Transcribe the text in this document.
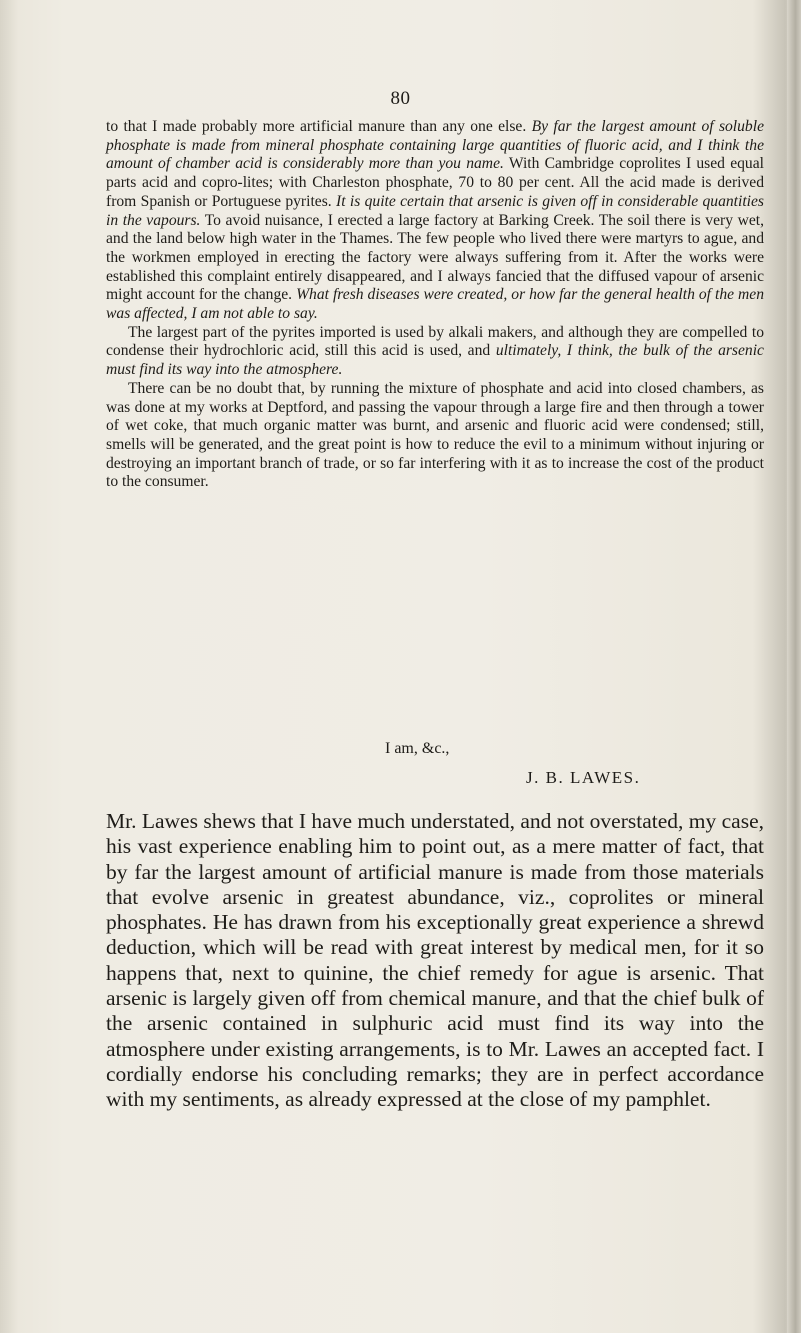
80

to that I made probably more artificial manure than any one else. By far the largest amount of soluble phosphate is made from mineral phosphate containing large quantities of fluoric acid, and I think the amount of chamber acid is considerably more than you name. With Cambridge coprolites I used equal parts acid and copro-lites; with Charleston phosphate, 70 to 80 per cent. All the acid made is derived from Spanish or Portuguese pyrites. It is quite certain that arsenic is given off in considerable quantities in the vapours. To avoid nuisance, I erected a large factory at Barking Creek. The soil there is very wet, and the land below high water in the Thames. The few people who lived there were martyrs to ague, and the workmen employed in erecting the factory were always suffering from it. After the works were established this complaint entirely disappeared, and I always fancied that the diffused vapour of arsenic might account for the change. What fresh diseases were created, or how far the general health of the men was affected, I am not able to say.

The largest part of the pyrites imported is used by alkali makers, and although they are compelled to condense their hydrochloric acid, still this acid is used, and ultimately, I think, the bulk of the arsenic must find its way into the atmosphere.

There can be no doubt that, by running the mixture of phosphate and acid into closed chambers, as was done at my works at Deptford, and passing the vapour through a large fire and then through a tower of wet coke, that much organic matter was burnt, and arsenic and fluoric acid were condensed; still, smells will be generated, and the great point is how to reduce the evil to a minimum without injuring or destroying an important branch of trade, or so far interfering with it as to increase the cost of the product to the consumer.

I am, &c.,
J. B. LAWES.

Mr. Lawes shews that I have much understated, and not overstated, my case, his vast experience enabling him to point out, as a mere matter of fact, that by far the largest amount of artificial manure is made from those materials that evolve arsenic in greatest abundance, viz., coprolites or mineral phosphates. He has drawn from his exceptionally great experience a shrewd deduction, which will be read with great interest by medical men, for it so happens that, next to quinine, the chief remedy for ague is arsenic. That arsenic is largely given off from chemical manure, and that the chief bulk of the arsenic contained in sulphuric acid must find its way into the atmosphere under existing arrangements, is to Mr. Lawes an accepted fact. I cordially endorse his concluding remarks; they are in perfect accordance with my sentiments, as already expressed at the close of my pamphlet.
